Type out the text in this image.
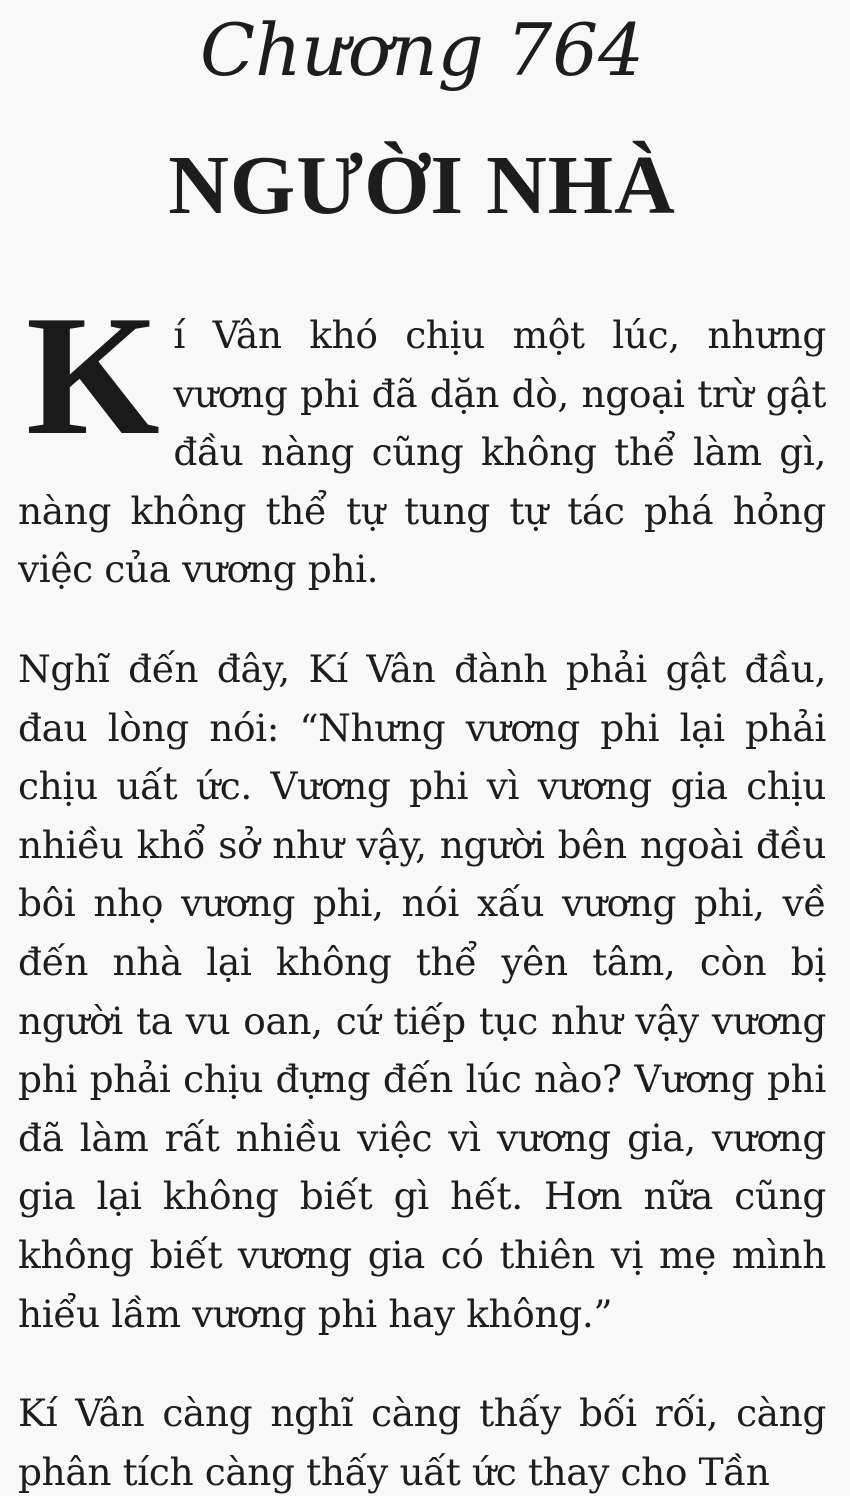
Chương 764
NGƯỜI NHÀ

Kí Vân khó chịu một lúc, nhưng vương phi đã dặn dò, ngoại trừ gật đầu nàng cũng không thể làm gì, nàng không thể tự tung tự tác phá hỏng việc của vương phi.

Nghĩ đến đây, Kí Vân đành phải gật đầu, đau lòng nói: “Nhưng vương phi lại phải chịu uất ức. Vương phi vì vương gia chịu nhiều khổ sở như vậy, người bên ngoài đều bôi nhọ vương phi, nói xấu vương phi, về đến nhà lại không thể yên tâm, còn bị người ta vu oan, cứ tiếp tục như vậy vương phi phải chịu đựng đến lúc nào? Vương phi đã làm rất nhiều việc vì vương gia, vương gia lại không biết gì hết. Hơn nữa cũng không biết vương gia có thiên vị mẹ mình hiểu lầm vương phi hay không.”

Kí Vân càng nghĩ càng thấy bối rối, càng phân tích càng thấy uất ức thay cho Tần
